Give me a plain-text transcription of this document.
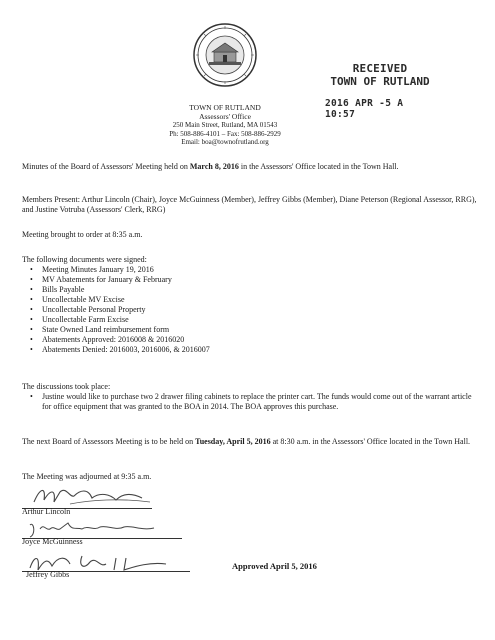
RECEIVED
TOWN OF RUTLAND
2016 APR -5 A 10:57
TOWN OF RUTLAND
Assessors' Office
250 Main Street, Rutland, MA 01543
Ph: 508-886-4101 – Fax: 508-886-2929
Email: boa@townofrutland.org

Minutes of the Board of Assessors' Meeting held on March 8, 2016 in the Assessors' Office located in the Town Hall.

Members Present: Arthur Lincoln (Chair), Joyce McGuinness (Member), Jeffrey Gibbs (Member), Diane Peterson (Regional Assessor, RRG), and Justine Votruba (Assessors' Clerk, RRG)

Meeting brought to order at 8:35 a.m.

The following documents were signed:

• Meeting Minutes January 19, 2016
• MV Abatements for January & February
• Bills Payable
• Uncollectable MV Excise
• Uncollectable Personal Property
• Uncollectable Farm Excise
• State Owned Land reimbursement form
• Abatements Approved: 2016008 & 2016020
• Abatements Denied: 2016003, 2016006, & 2016007

The discussions took place:

• Justine would like to purchase two 2 drawer filing cabinets to replace the printer cart. The funds would come out of the warrant article for office equipment that was granted to the BOA in 2014. The BOA approves this purchase.

The next Board of Assessors Meeting is to be held on Tuesday, April 5, 2016 at 8:30 a.m. in the Assessors' Office located in the Town Hall.

The Meeting was adjourned at 9:35 a.m.

Arthur Lincoln
Joyce McGuinness
Jeffrey Gibbs
Approved April 5, 2016
